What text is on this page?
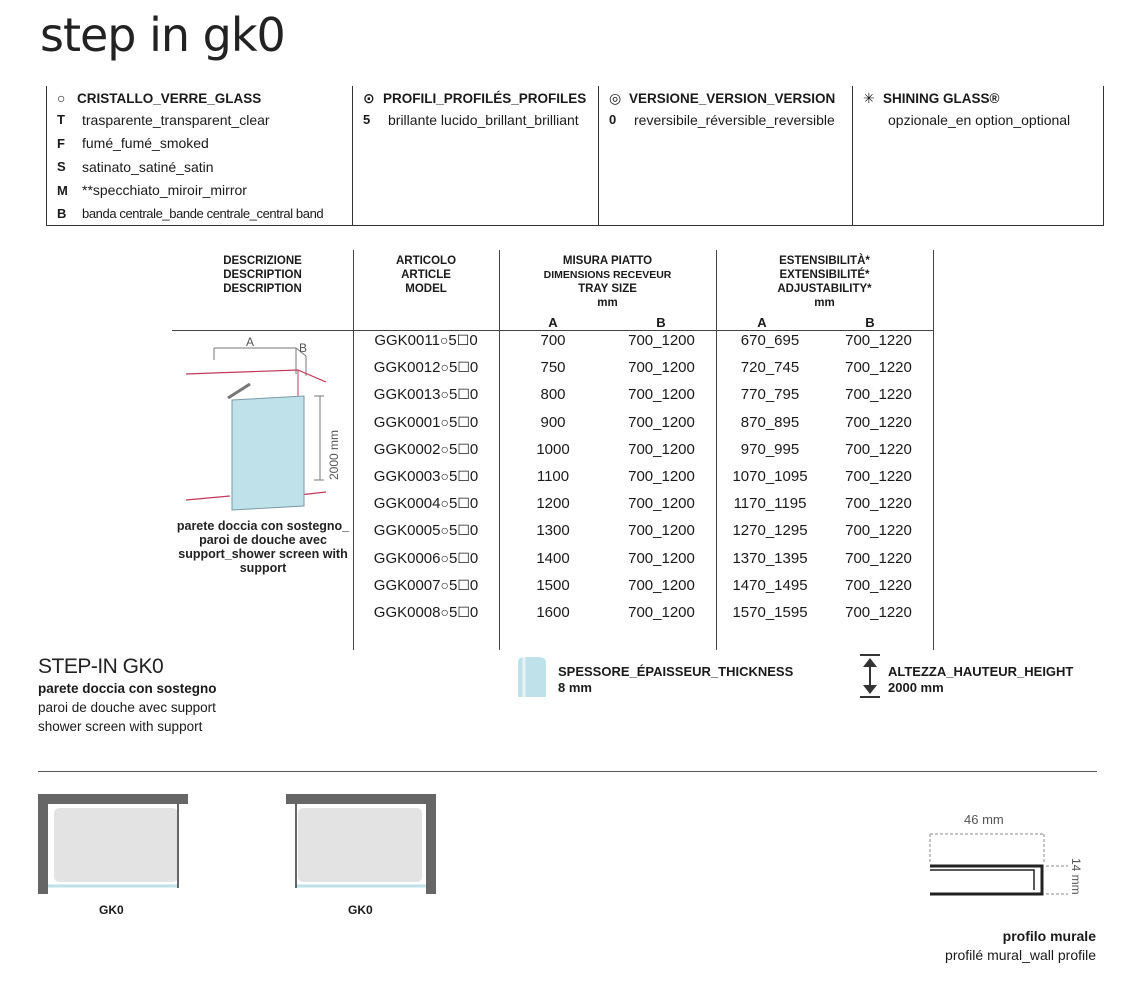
step in gk0
○ CRISTALLO_VERRE_GLASS
T	trasparente_transparent_clear
F	fumé_fumé_smoked
S	satinato_satiné_satin
M	**specchiato_miroir_mirror
B	banda centrale_bande centrale_central band
⊙ PROFILI_PROFILÉS_PROFILES
5	brillante lucido_brillant_brilliant
◎ VERSIONE_VERSION_VERSION
0	reversibile_réversible_reversible
✳ SHINING GLASS®
opzionale_en option_optional
DESCRIZIONE
DESCRIPTION
DESCRIPTION
ARTICOLO
ARTICLE
MODEL
MISURA PIATTO
DIMENSIONS RECEVEUR
TRAY SIZE
mm
ESTENSIBILITÀ*
EXTENSIBILITÉ*
ADJUSTABILITY*
mm
A	B	A	B
GGK0011○5☐0	700	700_1200	670_695	700_1220
GGK0012○5☐0	750	700_1200	720_745	700_1220
GGK0013○5☐0	800	700_1200	770_795	700_1220
GGK0001○5☐0	900	700_1200	870_895	700_1220
GGK0002○5☐0	1000	700_1200	970_995	700_1220
GGK0003○5☐0	1100	700_1200	1070_1095	700_1220
GGK0004○5☐0	1200	700_1200	1170_1195	700_1220
GGK0005○5☐0	1300	700_1200	1270_1295	700_1220
GGK0006○5☐0	1400	700_1200	1370_1395	700_1220
GGK0007○5☐0	1500	700_1200	1470_1495	700_1220
GGK0008○5☐0	1600	700_1200	1570_1595	700_1220
A	B
2000 mm
parete doccia con sostegno_
paroi de douche avec
support_shower screen with
support
STEP-IN GK0
parete doccia con sostegno
paroi de douche avec support
shower screen with support
SPESSORE_ÉPAISSEUR_THICKNESS
8 mm
ALTEZZA_HAUTEUR_HEIGHT
2000 mm
GK0	GK0
46 mm
14 mm
profilo murale
profilé mural_wall profile
